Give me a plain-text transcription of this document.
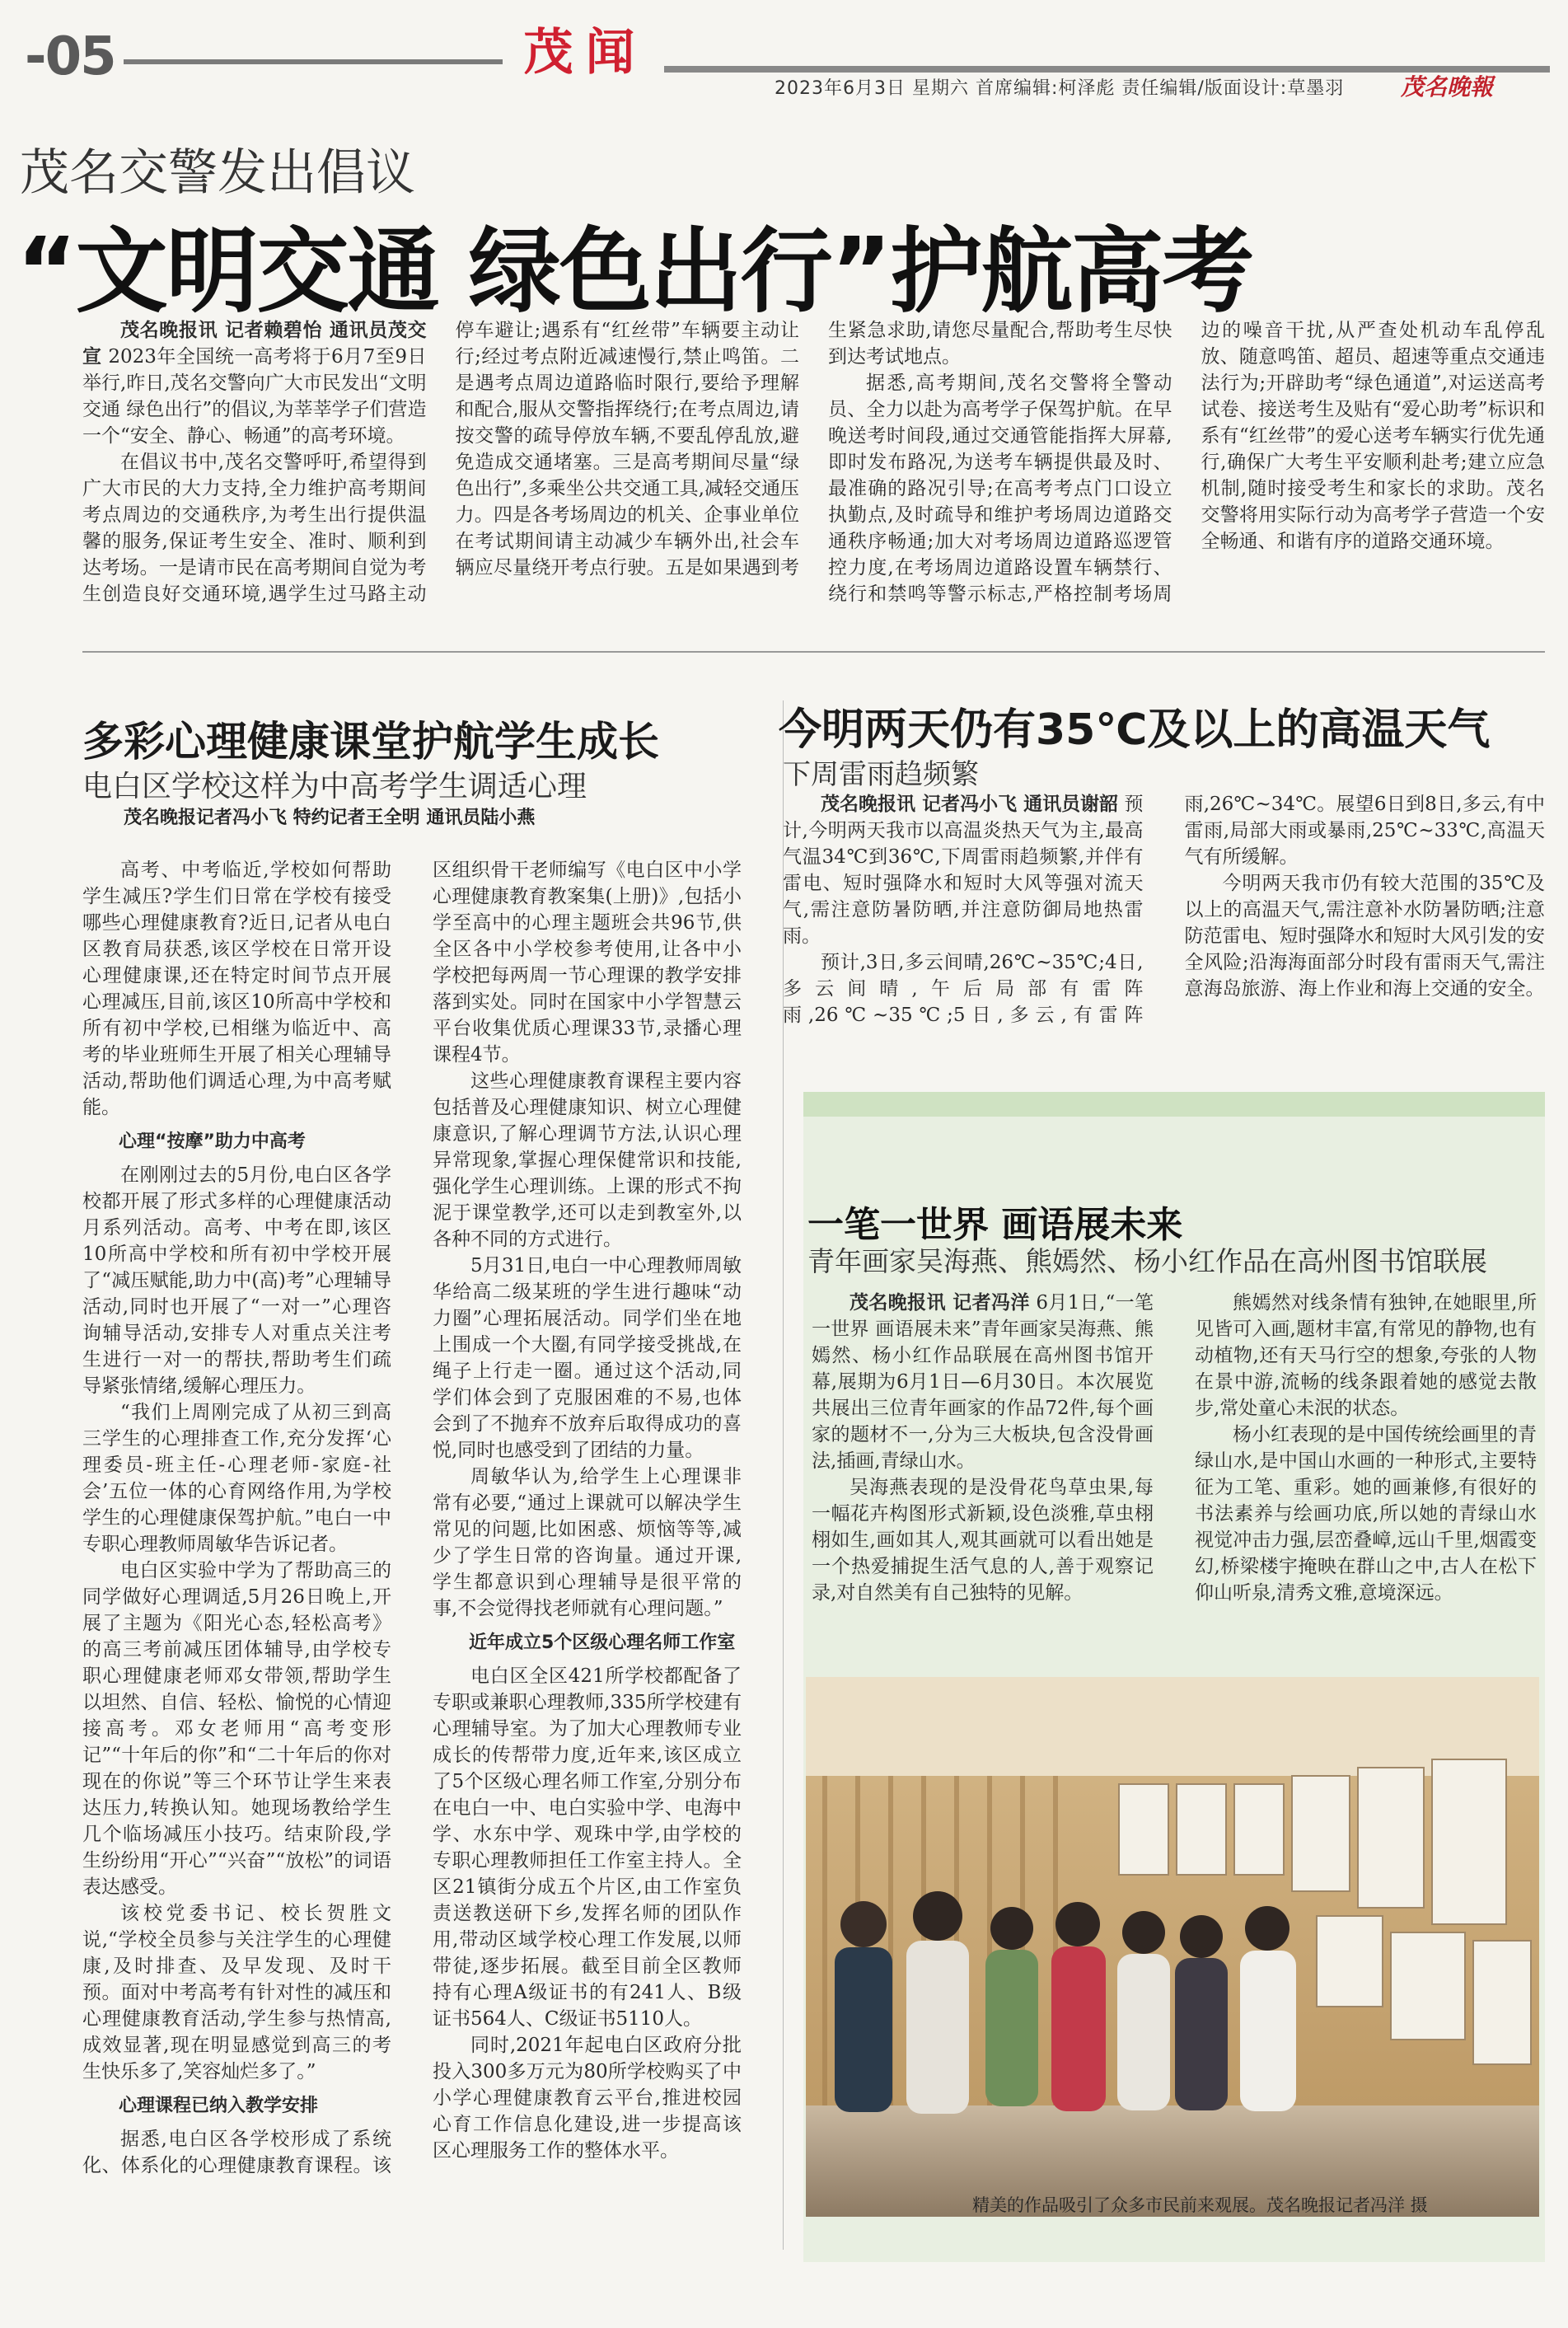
-05	茂 闻
2023年6月3日 星期六 首席编辑:柯泽彪 责任编辑/版面设计:草墨羽 茂名晚報
茂名交警发出倡议
“文明交通 绿色出行”护航高考

茂名晚报讯 记者赖碧怡 通讯员茂交宣 2023年全国统一高考将于6月7至9日举行,昨日,茂名交警向广大市民发出“文明交通 绿色出行”的倡议,为莘莘学子们营造一个“安全、静心、畅通”的高考环境。

在倡议书中,茂名交警呼吁,希望得到广大市民的大力支持,全力维护高考期间考点周边的交通秩序,为考生出行提供温馨的服务,保证考生安全、准时、顺利到达考场。一是请市民在高考期间自觉为考生创造良好交通环境,遇学生过马路主动停车避让;遇系有“红丝带”车辆要主动让行;经过考点附近减速慢行,禁止鸣笛。二是遇考点周边道路临时限行,要给予理解和配合,服从交警指挥绕行;在考点周边,请按交警的疏导停放车辆,不要乱停乱放,避免造成交通堵塞。三是高考期间尽量“绿色出行”,多乘坐公共交通工具,减轻交通压力。四是各考场周边的机关、企事业单位在考试期间请主动减少车辆外出,社会车辆应尽量绕开考点行驶。五是如果遇到考生紧急求助,请您尽量配合,帮助考生尽快到达考试地点。

据悉,高考期间,茂名交警将全警动员、全力以赴为高考学子保驾护航。在早晚送考时间段,通过交通管能指挥大屏幕,即时发布路况,为送考车辆提供最及时、最准确的路况引导;在高考考点门口设立执勤点,及时疏导和维护考场周边道路交通秩序畅通;加大对考场周边道路巡逻管控力度,在考场周边道路设置车辆禁行、绕行和禁鸣等警示标志,严格控制考场周边的噪音干扰,从严查处机动车乱停乱放、随意鸣笛、超员、超速等重点交通违法行为;开辟助考“绿色通道”,对运送高考试卷、接送考生及贴有“爱心助考”标识和系有“红丝带”的爱心送考车辆实行优先通行,确保广大考生平安顺利赴考;建立应急机制,随时接受考生和家长的求助。茂名交警将用实际行动为高考学子营造一个安全畅通、和谐有序的道路交通环境。

多彩心理健康课堂护航学生成长
电白区学校这样为中高考学生调适心理
茂名晚报记者冯小飞 特约记者王全明 通讯员陆小燕

高考、中考临近,学校如何帮助学生减压?学生们日常在学校有接受哪些心理健康教育?近日,记者从电白区教育局获悉,该区学校在日常开设心理健康课,还在特定时间节点开展心理减压,目前,该区10所高中学校和所有初中学校,已相继为临近中、高考的毕业班师生开展了相关心理辅导活动,帮助他们调适心理,为中高考赋能。

心理“按摩”助力中高考

在刚刚过去的5月份,电白区各学校都开展了形式多样的心理健康活动月系列活动。高考、中考在即,该区10所高中学校和所有初中学校开展了“减压赋能,助力中(高)考”心理辅导活动,同时也开展了“一对一”心理咨询辅导活动,安排专人对重点关注考生进行一对一的帮扶,帮助考生们疏导紧张情绪,缓解心理压力。

“我们上周刚完成了从初三到高三学生的心理排查工作,充分发挥‘心理委员-班主任-心理老师-家庭-社会’五位一体的心育网络作用,为学校学生的心理健康保驾护航。”电白一中专职心理教师周敏华告诉记者。

电白区实验中学为了帮助高三的同学做好心理调适,5月26日晚上,开展了主题为《阳光心态,轻松高考》的高三考前减压团体辅导,由学校专职心理健康老师邓女带领,帮助学生以坦然、自信、轻松、愉悦的心情迎接高考。邓女老师用“高考变形记”“十年后的你”和“二十年后的你对现在的你说”等三个环节让学生来表达压力,转换认知。她现场教给学生几个临场减压小技巧。结束阶段,学生纷纷用“开心”“兴奋”“放松”的词语表达感受。

该校党委书记、校长贺胜文说,“学校全员参与关注学生的心理健康,及时排查、及早发现、及时干预。面对中考高考有针对性的减压和心理健康教育活动,学生参与热情高,成效显著,现在明显感觉到高三的考生快乐多了,笑容灿烂多了。”

心理课程已纳入教学安排

据悉,电白区各学校形成了系统化、体系化的心理健康教育课程。该区组织骨干老师编写《电白区中小学心理健康教育教案集(上册)》,包括小学至高中的心理主题班会共96节,供全区各中小学校参考使用,让各中小学校把每两周一节心理课的教学安排落到实处。同时在国家中小学智慧云平台收集优质心理课33节,录播心理课程4节。

这些心理健康教育课程主要内容包括普及心理健康知识、树立心理健康意识,了解心理调节方法,认识心理异常现象,掌握心理保健常识和技能,强化学生心理训练。上课的形式不拘泥于课堂教学,还可以走到教室外,以各种不同的方式进行。

5月31日,电白一中心理教师周敏华给高二级某班的学生进行趣味“动力圈”心理拓展活动。同学们坐在地上围成一个大圈,有同学接受挑战,在绳子上行走一圈。通过这个活动,同学们体会到了克服困难的不易,也体会到了不抛弃不放弃后取得成功的喜悦,同时也感受到了团结的力量。

周敏华认为,给学生上心理课非常有必要,“通过上课就可以解决学生常见的问题,比如困惑、烦恼等等,减少了学生日常的咨询量。通过开课,学生都意识到心理辅导是很平常的事,不会觉得找老师就有心理问题。”

近年成立5个区级心理名师工作室

电白区全区421所学校都配备了专职或兼职心理教师,335所学校建有心理辅导室。为了加大心理教师专业成长的传帮带力度,近年来,该区成立了5个区级心理名师工作室,分别分布在电白一中、电白实验中学、电海中学、水东中学、观珠中学,由学校的专职心理教师担任工作室主持人。全区21镇街分成五个片区,由工作室负责送教送研下乡,发挥名师的团队作用,带动区域学校心理工作发展,以师带徒,逐步拓展。截至目前全区教师持有心理A级证书的有241人、B级证书564人、C级证书5110人。

同时,2021年起电白区政府分批投入300多万元为80所学校购买了中小学心理健康教育云平台,推进校园心育工作信息化建设,进一步提高该区心理服务工作的整体水平。

今明两天仍有35℃及以上的高温天气
下周雷雨趋频繁

茂名晚报讯 记者冯小飞 通讯员谢韶 预计,今明两天我市以高温炎热天气为主,最高气温34℃到36℃,下周雷雨趋频繁,并伴有雷电、短时强降水和短时大风等强对流天气,需注意防暑防晒,并注意防御局地热雷雨。

预计,3日,多云间晴,26℃~35℃;4日,多云间晴,午后局部有雷阵雨,26℃~35℃;5日,多云,有雷阵雨,26℃~34℃。展望6日到8日,多云,有中雷雨,局部大雨或暴雨,25℃~33℃,高温天气有所缓解。

今明两天我市仍有较大范围的35℃及以上的高温天气,需注意补水防暑防晒;注意防范雷电、短时强降水和短时大风引发的安全风险;沿海海面部分时段有雷雨天气,需注意海岛旅游、海上作业和海上交通的安全。

一笔一世界 画语展未来
青年画家吴海燕、熊嫣然、杨小红作品在高州图书馆联展

茂名晚报讯 记者冯洋 6月1日,“一笔一世界 画语展未来”青年画家吴海燕、熊嫣然、杨小红作品联展在高州图书馆开幕,展期为6月1日—6月30日。本次展览共展出三位青年画家的作品72件,每个画家的题材不一,分为三大板块,包含没骨画法,插画,青绿山水。

吴海燕表现的是没骨花鸟草虫果,每一幅花卉构图形式新颖,设色淡雅,草虫栩栩如生,画如其人,观其画就可以看出她是一个热爱捕捉生活气息的人,善于观察记录,对自然美有自己独特的见解。

熊嫣然对线条情有独钟,在她眼里,所见皆可入画,题材丰富,有常见的静物,也有动植物,还有天马行空的想象,夸张的人物在景中游,流畅的线条跟着她的感觉去散步,常处童心未泯的状态。

杨小红表现的是中国传统绘画里的青绿山水,是中国山水画的一种形式,主要特征为工笔、重彩。她的画兼修,有很好的书法素养与绘画功底,所以她的青绿山水视觉冲击力强,层峦叠嶂,远山千里,烟霞变幻,桥梁楼宇掩映在群山之中,古人在松下仰山听泉,清秀文雅,意境深远。

精美的作品吸引了众多市民前来观展。茂名晚报记者冯洋 摄
